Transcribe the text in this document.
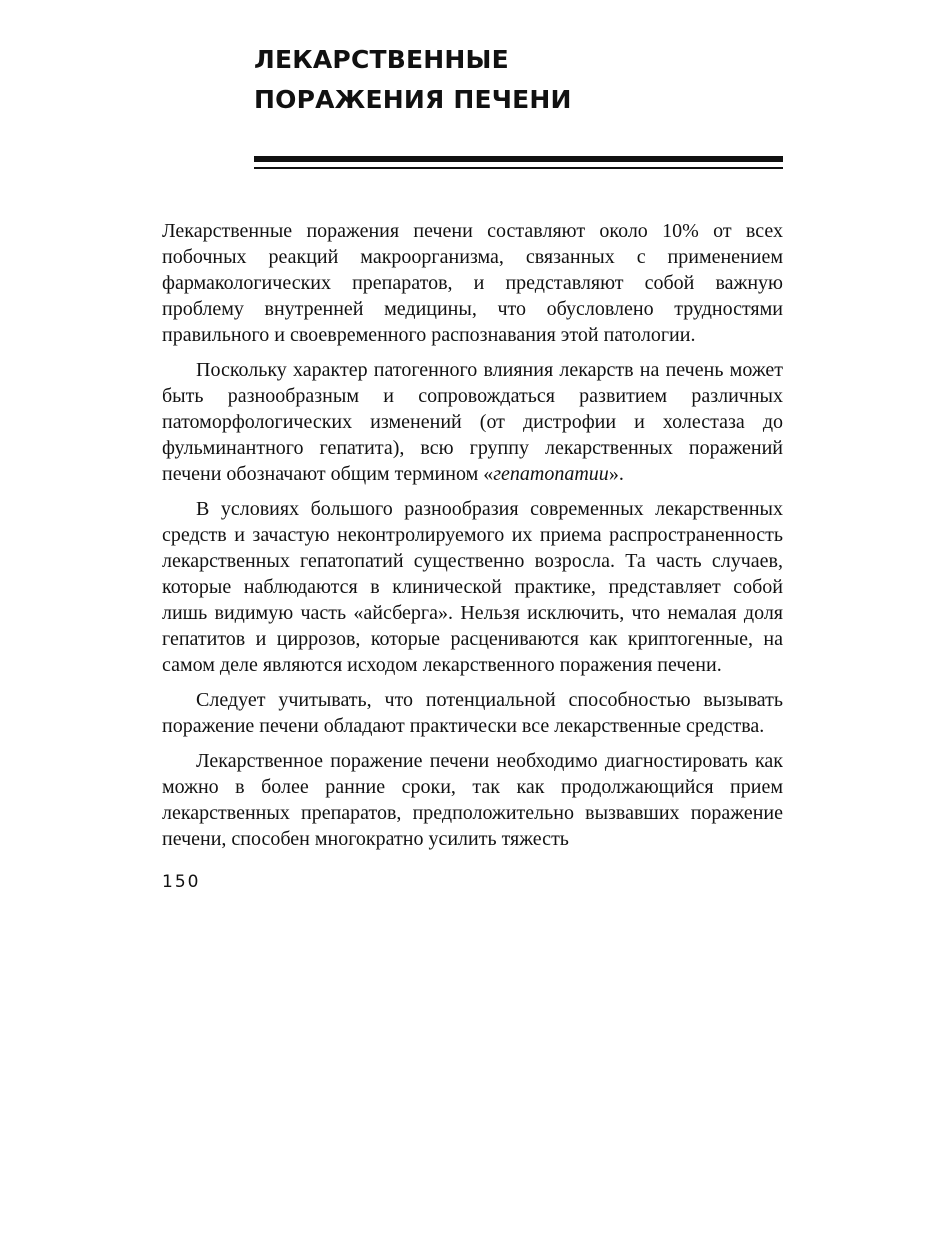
ЛЕКАРСТВЕННЫЕ
ПОРАЖЕНИЯ ПЕЧЕНИ

Лекарственные поражения печени составляют около 10% от всех побочных реакций макроорганизма, связанных с применением фармакологических препаратов, и представляют собой важную проблему внутренней медицины, что обусловлено трудностями правильного и своевременного распознавания этой патологии.

Поскольку характер патогенного влияния лекарств на печень может быть разнообразным и сопровождаться развитием различных патоморфологических изменений (от дистрофии и холестаза до фульминантного гепатита), всю группу лекарственных поражений печени обозначают общим термином «гепатопатии».

В условиях большого разнообразия современных лекарственных средств и зачастую неконтролируемого их приема распространенность лекарственных гепатопатий существенно возросла. Та часть случаев, которые наблюдаются в клинической практике, представляет собой лишь видимую часть «айсберга». Нельзя исключить, что немалая доля гепатитов и циррозов, которые расцениваются как криптогенные, на самом деле являются исходом лекарственного поражения печени.

Следует учитывать, что потенциальной способностью вызывать поражение печени обладают практически все лекарственные средства.

Лекарственное поражение печени необходимо диагностировать как можно в более ранние сроки, так как продолжающийся прием лекарственных препаратов, предположительно вызвавших поражение печени, способен многократно усилить тяжесть

150
